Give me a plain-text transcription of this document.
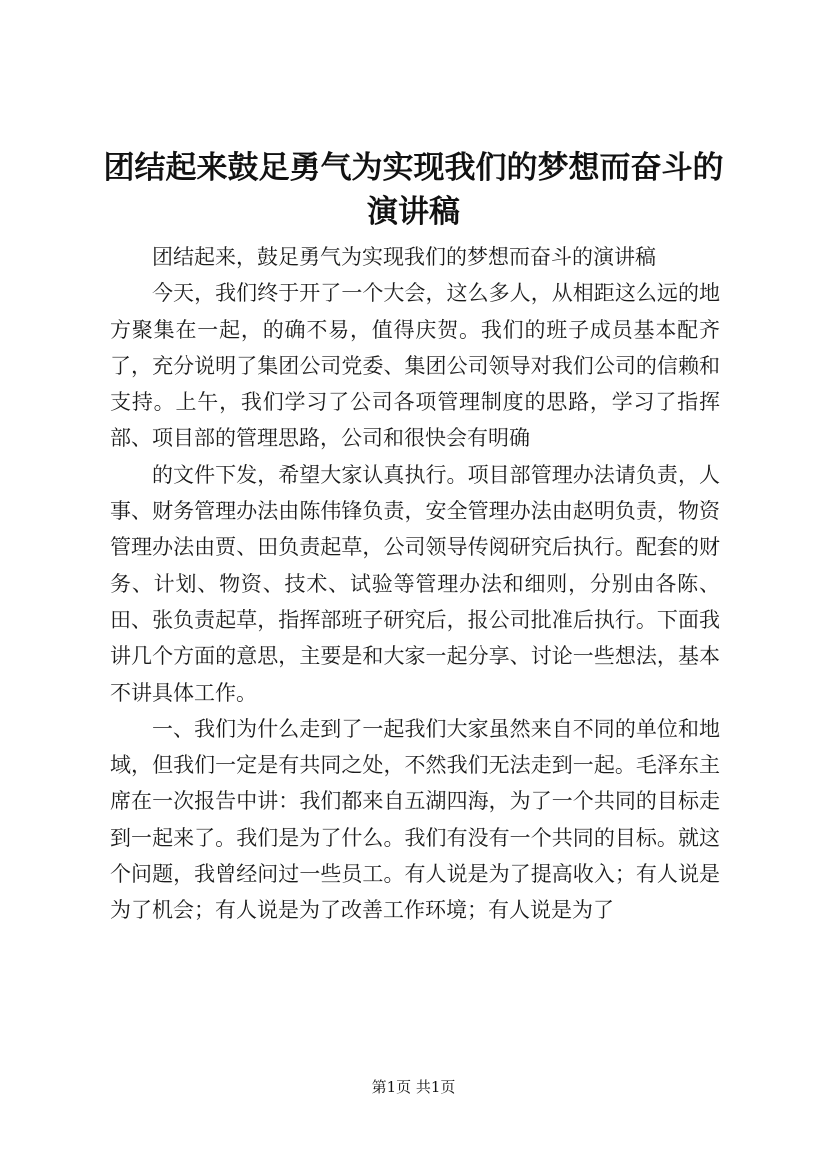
团结起来鼓足勇气为实现我们的梦想而奋斗的
演讲稿

团结起来，鼓足勇气为实现我们的梦想而奋斗的演讲稿

今天，我们终于开了一个大会，这么多人，从相距这么远的地方聚集在一起，的确不易，值得庆贺。我们的班子成员基本配齐了，充分说明了集团公司党委、集团公司领导对我们公司的信赖和支持。上午，我们学习了公司各项管理制度的思路，学习了指挥部、项目部的管理思路，公司和很快会有明确

的文件下发，希望大家认真执行。项目部管理办法请负责，人事、财务管理办法由陈伟锋负责，安全管理办法由赵明负责，物资管理办法由贾、田负责起草，公司领导传阅研究后执行。配套的财务、计划、物资、技术、试验等管理办法和细则，分别由各陈、田、张负责起草，指挥部班子研究后，报公司批准后执行。下面我讲几个方面的意思，主要是和大家一起分享、讨论一些想法，基本不讲具体工作。

一、我们为什么走到了一起我们大家虽然来自不同的单位和地域，但我们一定是有共同之处，不然我们无法走到一起。毛泽东主席在一次报告中讲：我们都来自五湖四海，为了一个共同的目标走到一起来了。我们是为了什么。我们有没有一个共同的目标。就这个问题，我曾经问过一些员工。有人说是为了提高收入；有人说是为了机会；有人说是为了改善工作环境；有人说是为了

第1页 共1页
